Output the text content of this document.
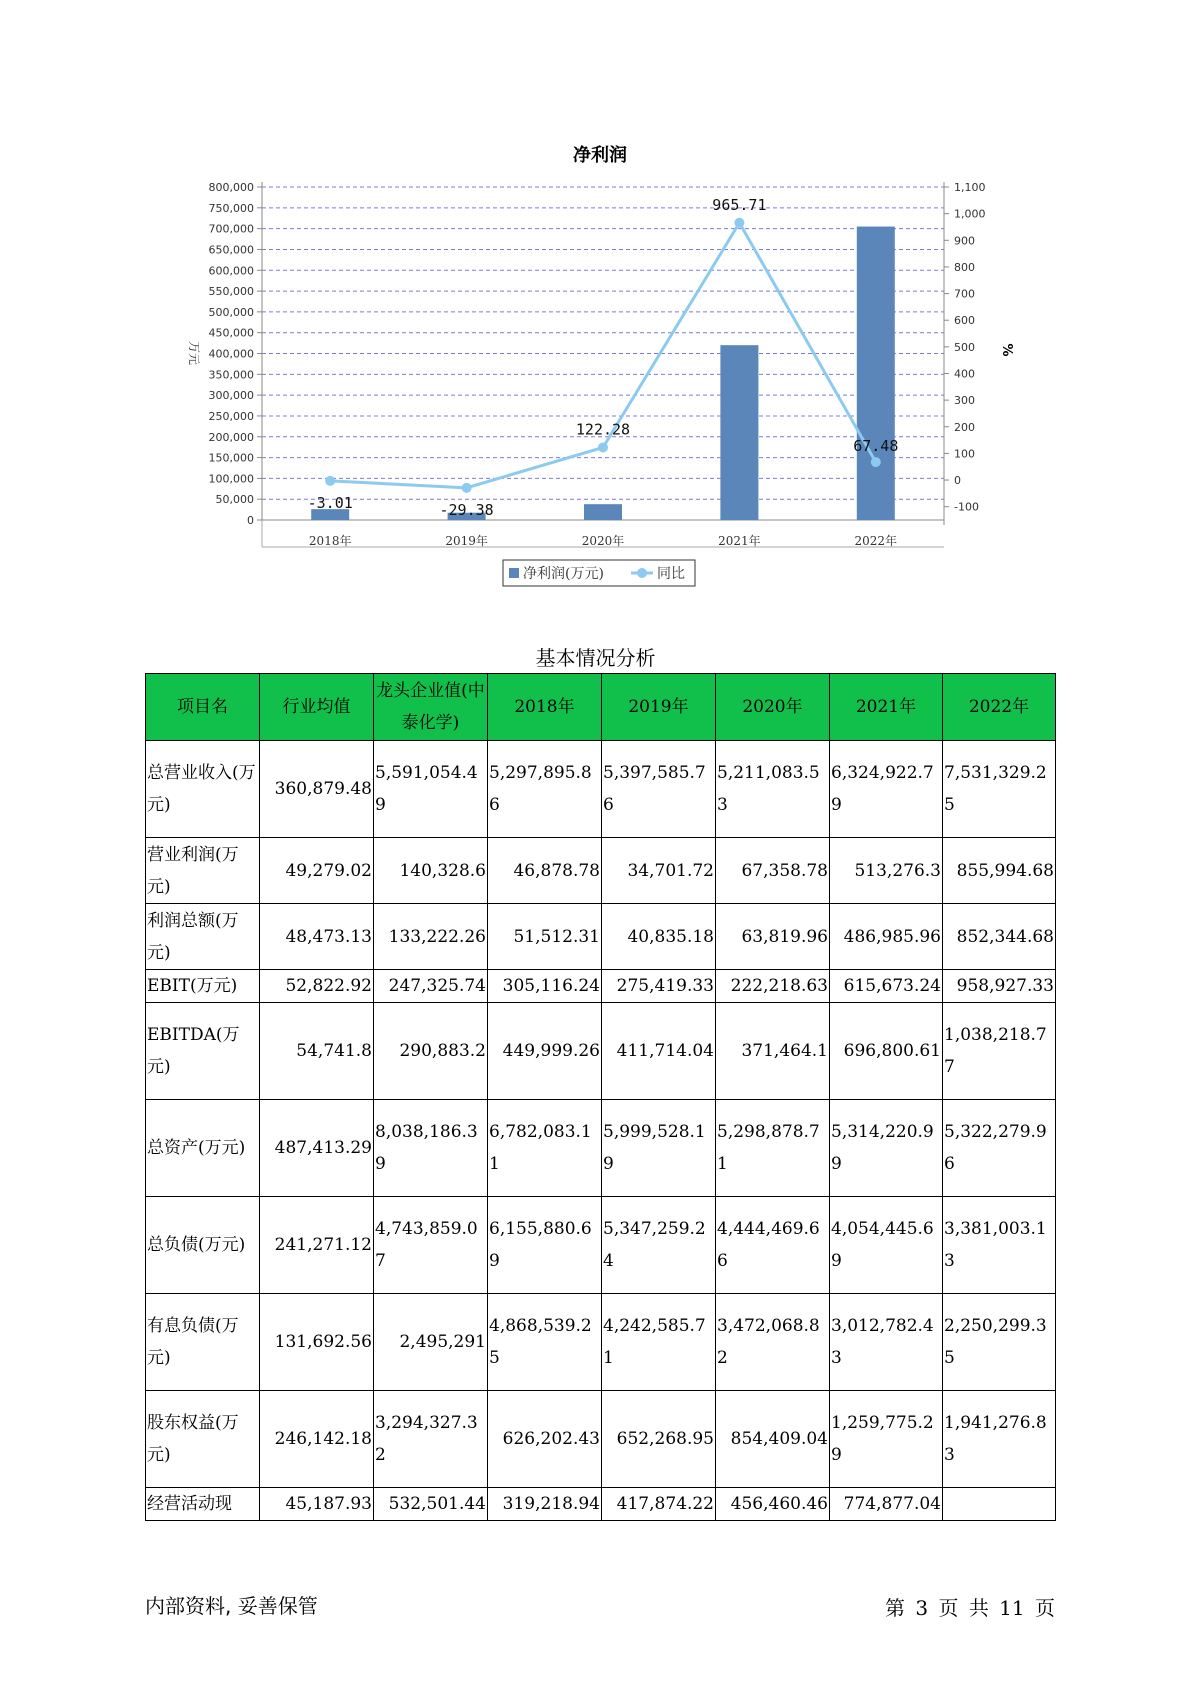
净利润
0
50,000
100,000
150,000
200,000
250,000
300,000
350,000
400,000
450,000
500,000
550,000
600,000
650,000
700,000
750,000
800,000
-100
0
100
200
300
400
500
600
700
800
900
1,000
1,100
-3.01	-29.38
122.28
965.71
67.48
2018年	2019年	2020年	2021年	2022年
万元	%
净利润(万元)	同比
基本情况分析
项目名	行业均值	龙头企业值(中泰化学)	2018年	2019年	2020年	2021年	2022年
总营业收入(万元)	360,879.48	5,591,054.49	5,297,895.86	5,397,585.76	5,211,083.53	6,324,922.79	7,531,329.25
营业利润(万元)	49,279.02	140,328.6	46,878.78	34,701.72	67,358.78	513,276.3	855,994.68
利润总额(万元)	48,473.13	133,222.26	51,512.31	40,835.18	63,819.96	486,985.96	852,344.68
EBIT(万元)	52,822.92	247,325.74	305,116.24	275,419.33	222,218.63	615,673.24	958,927.33
EBITDA(万元)	54,741.8	290,883.2	449,999.26	411,714.04	371,464.1	696,800.61	1,038,218.77
总资产(万元)	487,413.29	8,038,186.39	6,782,083.11	5,999,528.19	5,298,878.71	5,314,220.99	5,322,279.96
总负债(万元)	241,271.12	4,743,859.07	6,155,880.69	5,347,259.24	4,444,469.66	4,054,445.69	3,381,003.13
有息负债(万元)	131,692.56	2,495,291	4,868,539.25	4,242,585.71	3,472,068.82	3,012,782.43	2,250,299.35
股东权益(万元)	246,142.18	3,294,327.32	626,202.43	652,268.95	854,409.04	1,259,775.29	1,941,276.83
经营活动现	45,187.93	532,501.44	319,218.94	417,874.22	456,460.46	774,877.04	
内部资料, 妥善保管	第 3 页 共 11 页
